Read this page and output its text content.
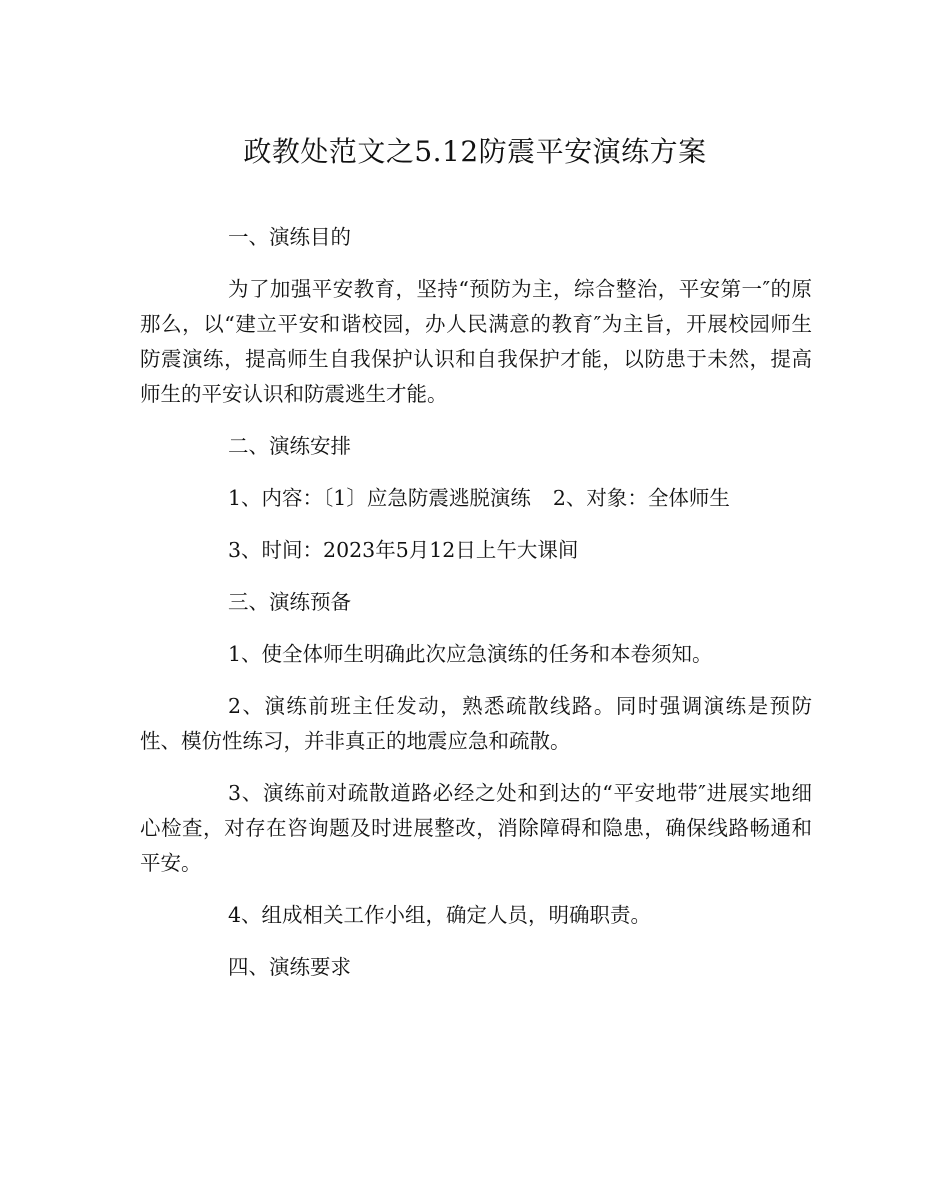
政教处范文之5.12防震平安演练方案

一、演练目的

为了加强平安教育，坚持“预防为主，综合整治，平安第一″的原那么，以“建立平安和谐校园，办人民满意的教育″为主旨，开展校园师生防震演练，提高师生自我保护认识和自我保护才能，以防患于未然，提高师生的平安认识和防震逃生才能。

二、演练安排

1、内容：〔1〕应急防震逃脱演练 2、对象：全体师生

3、时间：2023年5月12日上午大课间

三、演练预备

1、使全体师生明确此次应急演练的任务和本卷须知。

2、演练前班主任发动，熟悉疏散线路。同时强调演练是预防性、模仿性练习，并非真正的地震应急和疏散。

3、演练前对疏散道路必经之处和到达的“平安地带″进展实地细心检查，对存在咨询题及时进展整改，消除障碍和隐患，确保线路畅通和平安。

4、组成相关工作小组，确定人员，明确职责。

四、演练要求
